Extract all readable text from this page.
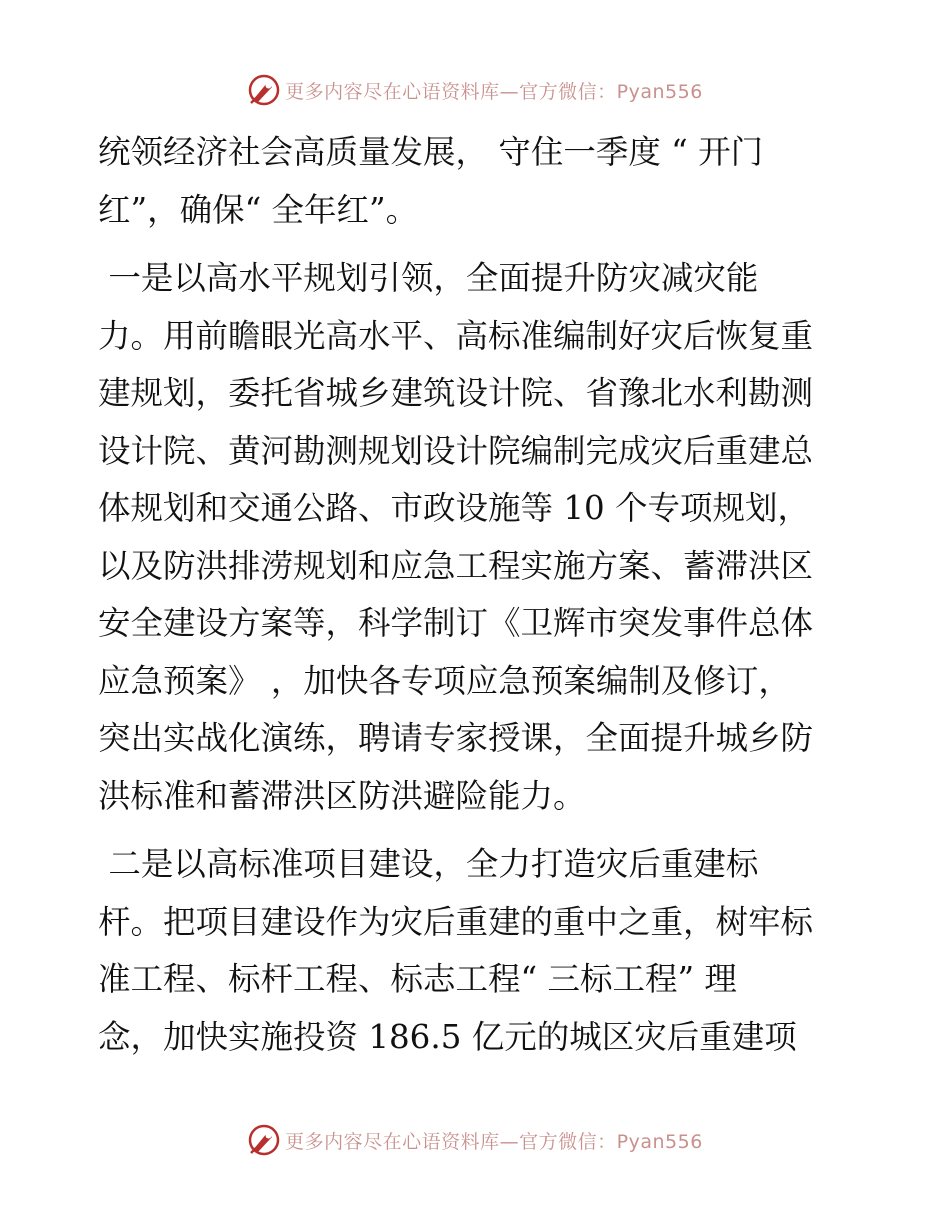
更多内容尽在心语资料库—官方微信：Pyan556
统领经济社会高质量发展， 守住一季度 “ 开门
红”，确保“ 全年红”。
一是以高水平规划引领，全面提升防灾减灾能
力。用前瞻眼光高水平、高标准编制好灾后恢复重
建规划，委托省城乡建筑设计院、省豫北水利勘测
设计院、黄河勘测规划设计院编制完成灾后重建总
体规划和交通公路、市政设施等 10 个专项规划，
以及防洪排涝规划和应急工程实施方案、蓄滞洪区
安全建设方案等，科学制订《卫辉市突发事件总体
应急预案》 ，加快各专项应急预案编制及修订，
突出实战化演练，聘请专家授课，全面提升城乡防
洪标准和蓄滞洪区防洪避险能力。
二是以高标准项目建设，全力打造灾后重建标
杆。把项目建设作为灾后重建的重中之重，树牢标
准工程、标杆工程、标志工程“ 三标工程” 理
念，加快实施投资 186.5 亿元的城区灾后重建项
更多内容尽在心语资料库—官方微信：Pyan556
